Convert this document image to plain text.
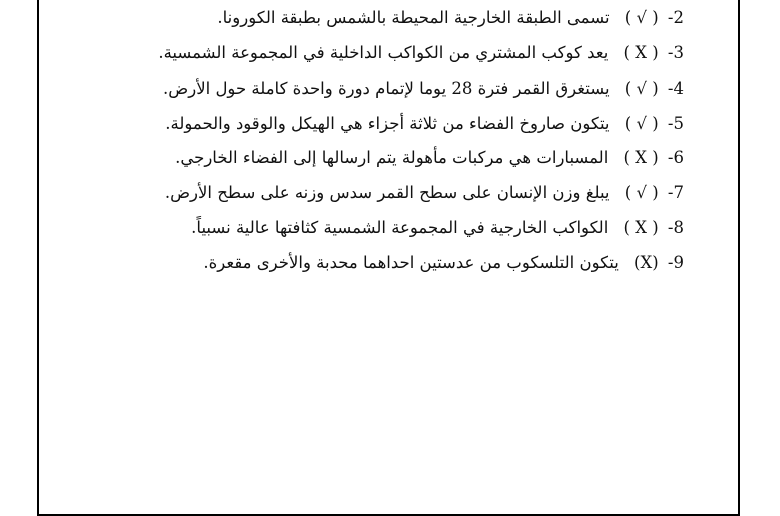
2- ( √ ) تسمى الطبقة الخارجية المحيطة بالشمس بطبقة الكورونا.
3- ( X ) يعد كوكب المشتري من الكواكب الداخلية في المجموعة الشمسية.
4- ( √ ) يستغرق القمر فترة 28 يوما لإتمام دورة واحدة كاملة حول الأرض.
5- ( √ ) يتكون صاروخ الفضاء من ثلاثة أجزاء هي الهيكل والوقود والحمولة.
6- ( X ) المسبارات هي مركبات مأهولة يتم ارسالها إلى الفضاء الخارجي.
7- ( √ ) يبلغ وزن الإنسان على سطح القمر سدس وزنه على سطح الأرض.
8- ( X ) الكواكب الخارجية في المجموعة الشمسية كثافتها عالية نسبياً.
9- (X) يتكون التلسكوب من عدستين احداهما محدبة والأخرى مقعرة.
